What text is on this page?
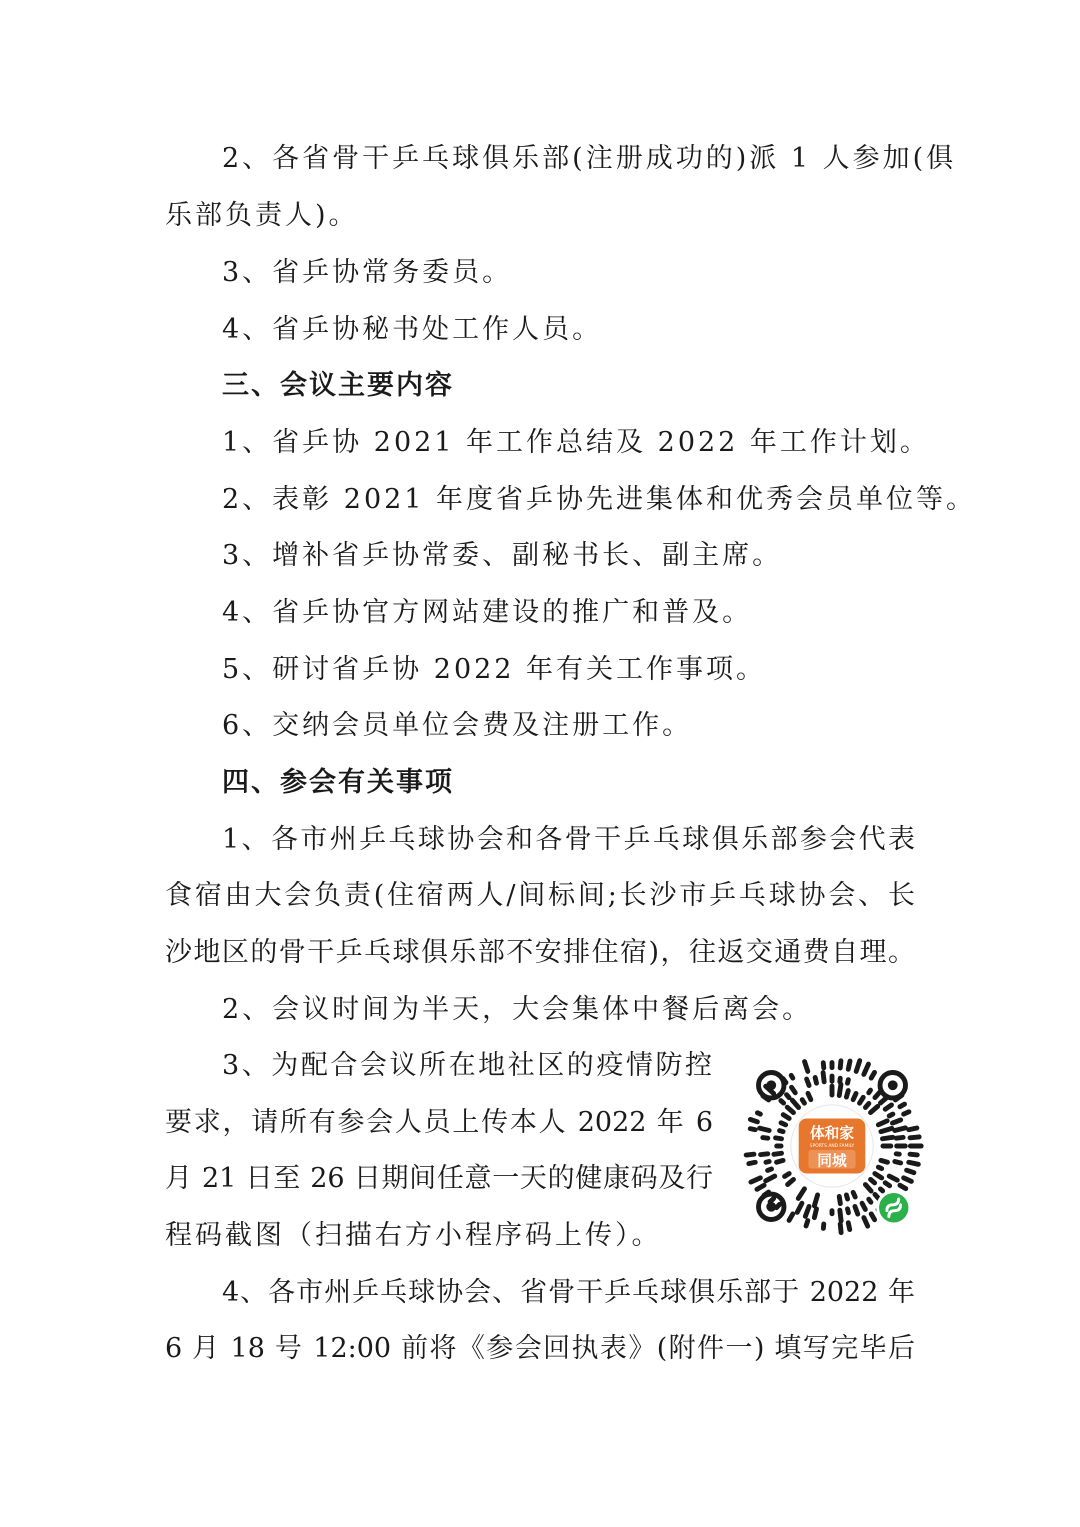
2、各省骨干乒乓球俱乐部(注册成功的)派 1 人参加(俱
乐部负责人)。
3、省乒协常务委员。
4、省乒协秘书处工作人员。
三、会议主要内容
1、省乒协 2021 年工作总结及 2022 年工作计划。
2、表彰 2021 年度省乒协先进集体和优秀会员单位等。
3、增补省乒协常委、副秘书长、副主席。
4、省乒协官方网站建设的推广和普及。
5、研讨省乒协 2022 年有关工作事项。
6、交纳会员单位会费及注册工作。
四、参会有关事项
1、各市州乒乓球协会和各骨干乒乓球俱乐部参会代表
食宿由大会负责(住宿两人/间标间;长沙市乒乓球协会、长
沙地区的骨干乒乓球俱乐部不安排住宿)，往返交通费自理。
2、会议时间为半天，大会集体中餐后离会。
3、为配合会议所在地社区的疫情防控
要求，请所有参会人员上传本人 2022 年 6
月 21 日至 26 日期间任意一天的健康码及行
程码截图（扫描右方小程序码上传）。
4、各市州乒乓球协会、省骨干乒乓球俱乐部于 2022 年
6 月 18 号 12:00 前将《参会回执表》(附件一) 填写完毕后
体和家
SPORTS AND FAMILY
同城
